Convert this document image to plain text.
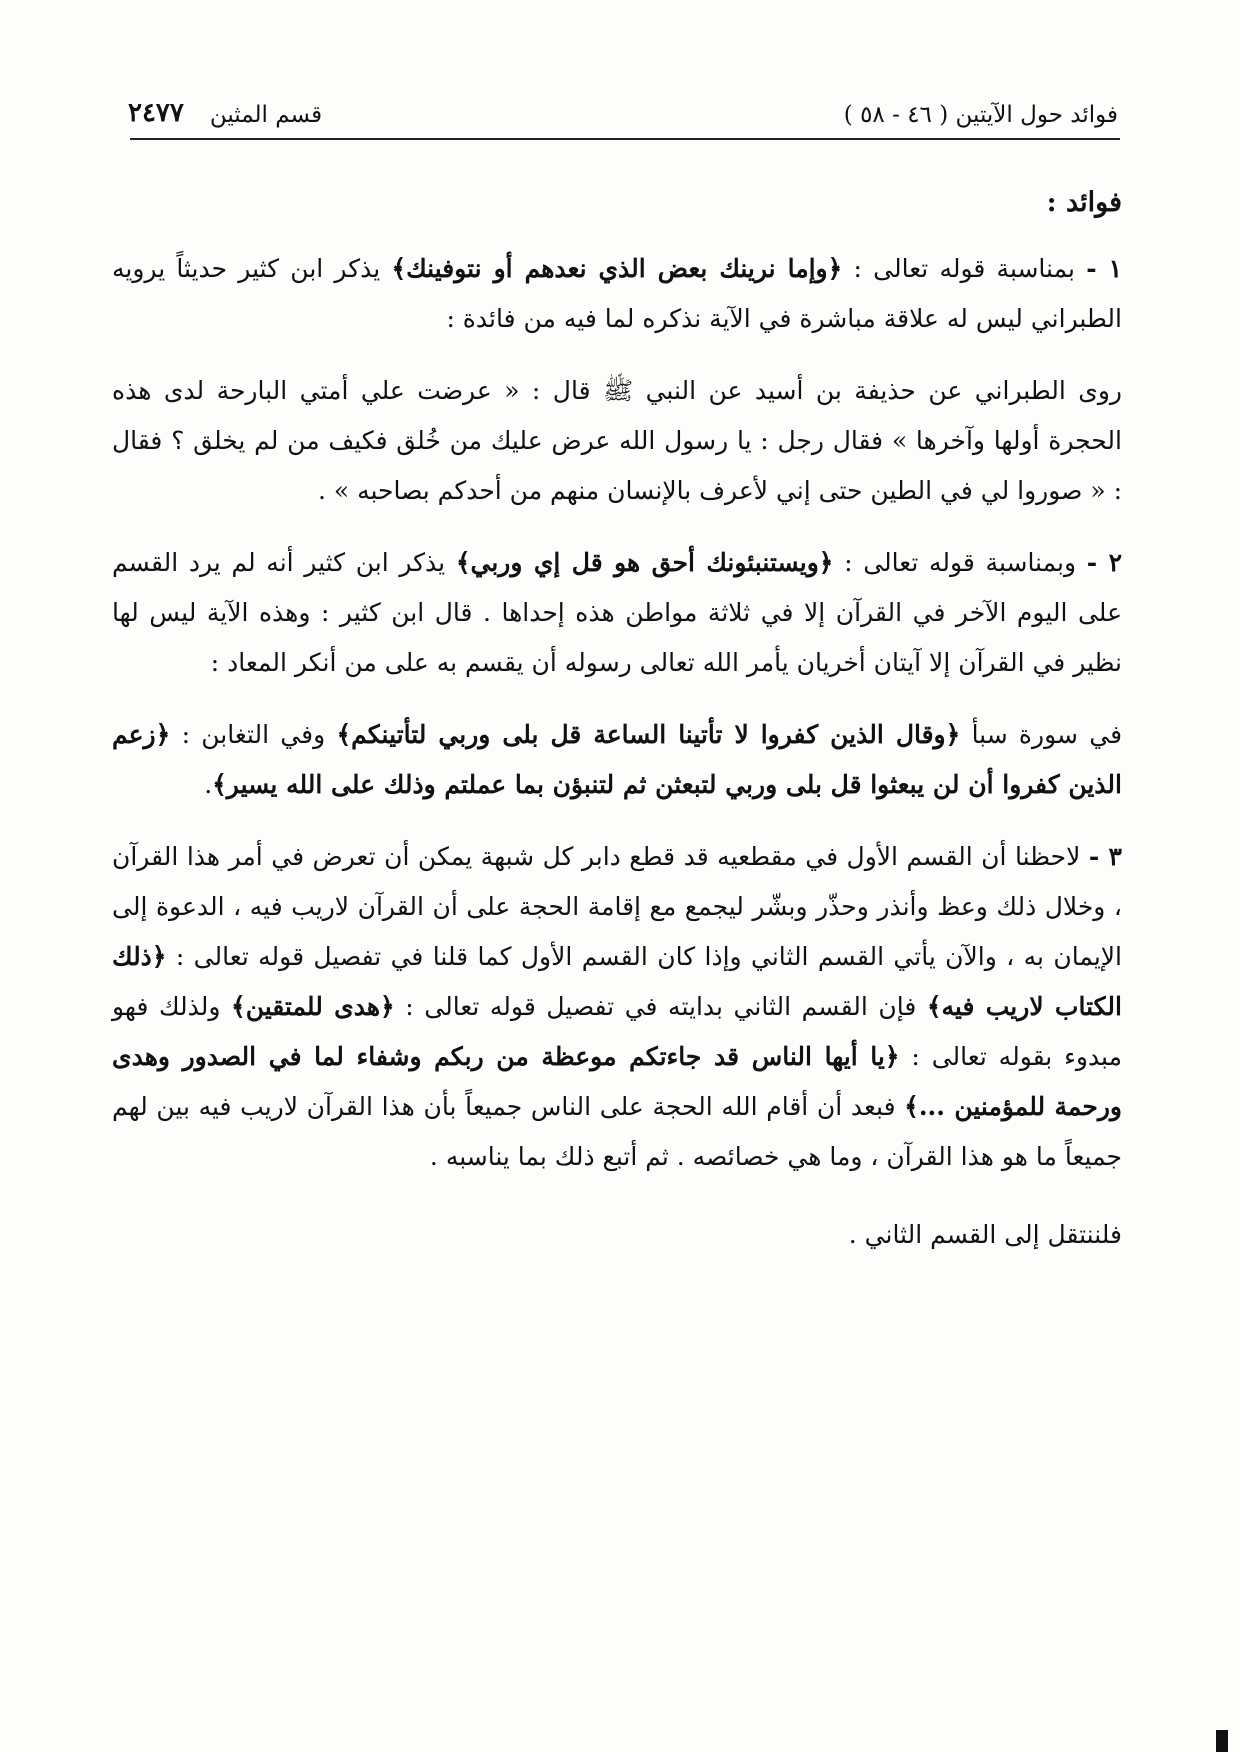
فوائد حول الآيتين ( ٤٦ - ٥٨ )
قسم المثين
٢٤٧٧
فوائد :

١ - بمناسبة قوله تعالى : ﴿وإما نرينك بعض الذي نعدهم أو نتوفينك﴾ يذكر ابن كثير حديثاً يرويه الطبراني ليس له علاقة مباشرة في الآية نذكره لما فيه من فائدة :

روى الطبراني عن حذيفة بن أسيد عن النبي ﷺ قال : « عرضت علي أمتي البارحة لدى هذه الحجرة أولها وآخرها » فقال رجل : يا رسول الله عرض عليك من خُلق فكيف من لم يخلق ؟ فقال : « صوروا لي في الطين حتى إني لأعرف بالإنسان منهم من أحدكم بصاحبه » .

٢ - وبمناسبة قوله تعالى : ﴿ويستنبئونك أحق هو قل إي وربي﴾ يذكر ابن كثير أنه لم يرد القسم على اليوم الآخر في القرآن إلا في ثلاثة مواطن هذه إحداها . قال ابن كثير : وهذه الآية ليس لها نظير في القرآن إلا آيتان أخريان يأمر الله تعالى رسوله أن يقسم به على من أنكر المعاد :

في سورة سبأ ﴿وقال الذين كفروا لا تأتينا الساعة قل بلى وربي لتأتينكم﴾ وفي التغابن : ﴿زعم الذين كفروا أن لن يبعثوا قل بلى وربي لتبعثن ثم لتنبؤن بما عملتم وذلك على الله يسير﴾.

٣ - لاحظنا أن القسم الأول في مقطعيه قد قطع دابر كل شبهة يمكن أن تعرض في أمر هذا القرآن ، وخلال ذلك وعظ وأنذر وحذّر وبشّر ليجمع مع إقامة الحجة على أن القرآن لاريب فيه ، الدعوة إلى الإيمان به ، والآن يأتي القسم الثاني وإذا كان القسم الأول كما قلنا في تفصيل قوله تعالى : ﴿ذلك الكتاب لاريب فيه﴾ فإن القسم الثاني بدايته في تفصيل قوله تعالى : ﴿هدى للمتقين﴾ ولذلك فهو مبدوء بقوله تعالى : ﴿يا أيها الناس قد جاءتكم موعظة من ربكم وشفاء لما في الصدور وهدى ورحمة للمؤمنين ...﴾ فبعد أن أقام الله الحجة على الناس جميعاً بأن هذا القرآن لاريب فيه بين لهم جميعاً ما هو هذا القرآن ، وما هي خصائصه . ثم أتبع ذلك بما يناسبه .

فلننتقل إلى القسم الثاني .
